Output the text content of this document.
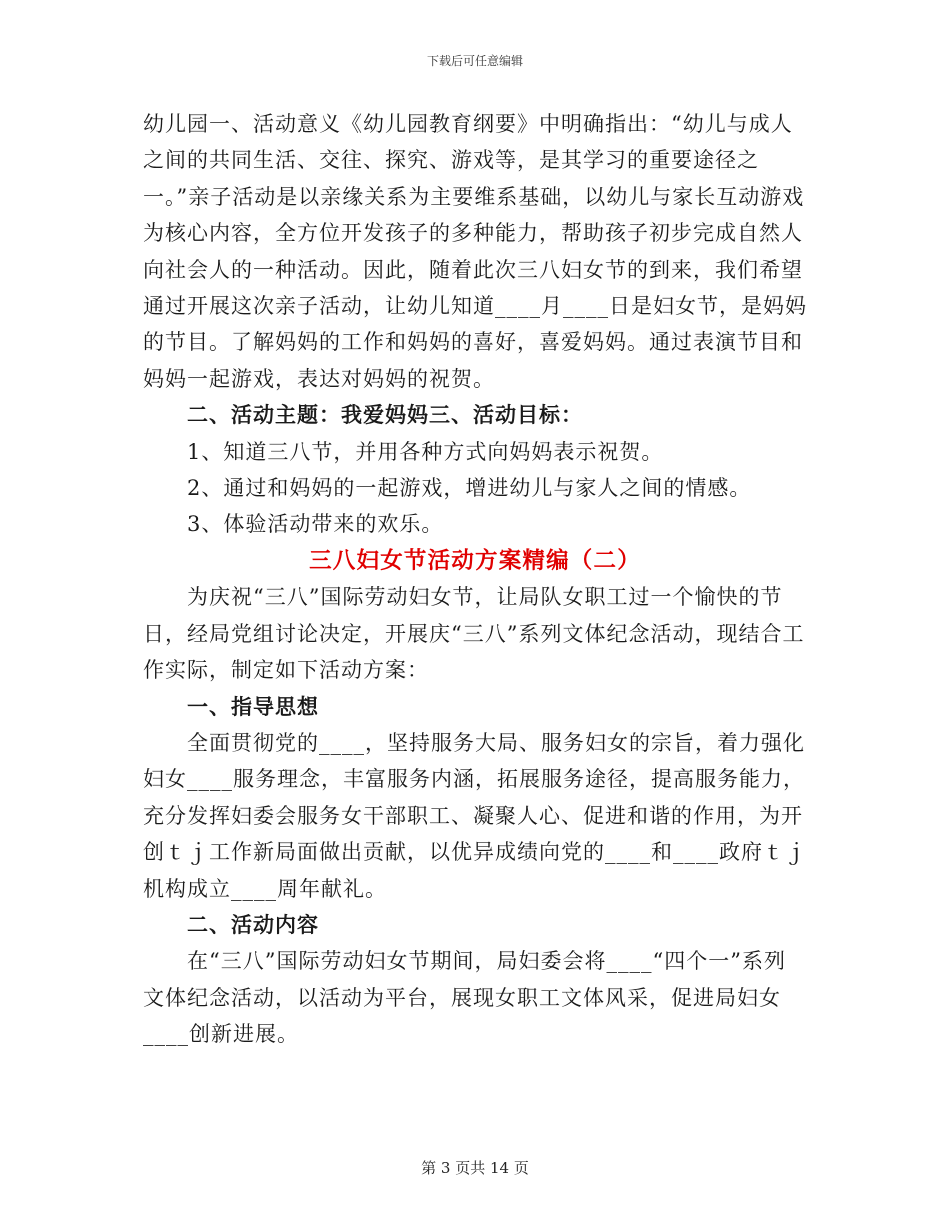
下载后可任意编辑

幼儿园一、活动意义《幼儿园教育纲要》中明确指出：“幼儿与成人之间的共同生活、交往、探究、游戏等，是其学习的重要途径之一。”亲子活动是以亲缘关系为主要维系基础，以幼儿与家长互动游戏为核心内容，全方位开发孩子的多种能力，帮助孩子初步完成自然人向社会人的一种活动。因此，随着此次三八妇女节的到来，我们希望通过开展这次亲子活动，让幼儿知道____月____日是妇女节，是妈妈的节目。了解妈妈的工作和妈妈的喜好，喜爱妈妈。通过表演节目和妈妈一起游戏，表达对妈妈的祝贺。

二、活动主题：我爱妈妈三、活动目标：

1、知道三八节，并用各种方式向妈妈表示祝贺。

2、通过和妈妈的一起游戏，增进幼儿与家人之间的情感。

3、体验活动带来的欢乐。

三八妇女节活动方案精编（二）

为庆祝“三八”国际劳动妇女节，让局队女职工过一个愉快的节日，经局党组讨论决定，开展庆“三八”系列文体纪念活动，现结合工作实际，制定如下活动方案：

一、指导思想

全面贯彻党的____，坚持服务大局、服务妇女的宗旨，着力强化妇女____服务理念，丰富服务内涵，拓展服务途径，提高服务能力，充分发挥妇委会服务女干部职工、凝聚人心、促进和谐的作用，为开创ｔｊ工作新局面做出贡献，以优异成绩向党的____和____政府ｔｊ机构成立____周年献礼。

二、活动内容

在“三八”国际劳动妇女节期间，局妇委会将____“四个一”系列文体纪念活动，以活动为平台，展现女职工文体风采，促进局妇女____创新进展。

第 3 页共 14 页
